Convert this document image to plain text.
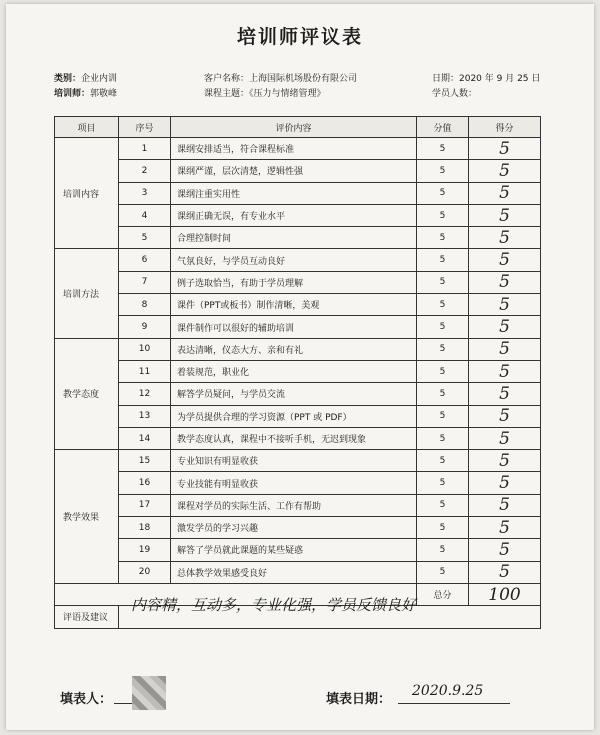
培训师评议表
类别：企业内训
培训师：郭敬峰
客户名称：上海国际机场股份有限公司
课程主题：《压力与情绪管理》
日期：2020 年 9 月 25 日
学员人数：
项目	序号	评价内容	分值	得分
培训内容	1	课纲安排适当，符合课程标准	5	5
	2	课纲严谨，层次清楚，逻辑性强	5	5
	3	课纲注重实用性	5	5
	4	课纲正确无误，有专业水平	5	5
	5	合理控制时间	5	5
培训方法	6	气氛良好，与学员互动良好	5	5
	7	例子选取恰当，有助于学员理解	5	5
	8	课件（PPT或板书）制作清晰，美观	5	5
	9	课件制作可以很好的辅助培训	5	5
教学态度	10	表达清晰，仪态大方、亲和有礼	5	5
	11	着装规范，职业化	5	5
	12	解答学员疑问，与学员交流	5	5
	13	为学员提供合理的学习资源（PPT 或 PDF）	5	5
	14	教学态度认真，课程中不接听手机，无迟到现象	5	5
教学效果	15	专业知识有明显收获	5	5
	16	专业技能有明显收获	5	5
	17	课程对学员的实际生活、工作有帮助	5	5
	18	激发学员的学习兴趣	5	5
	19	解答了学员就此课题的某些疑惑	5	5
	20	总体教学效果感受良好	5	5
			总分	100
评语及建议	内容精，互动多，专业化强，学员反馈良好			
填表人：	填表日期：
2020.9.25
